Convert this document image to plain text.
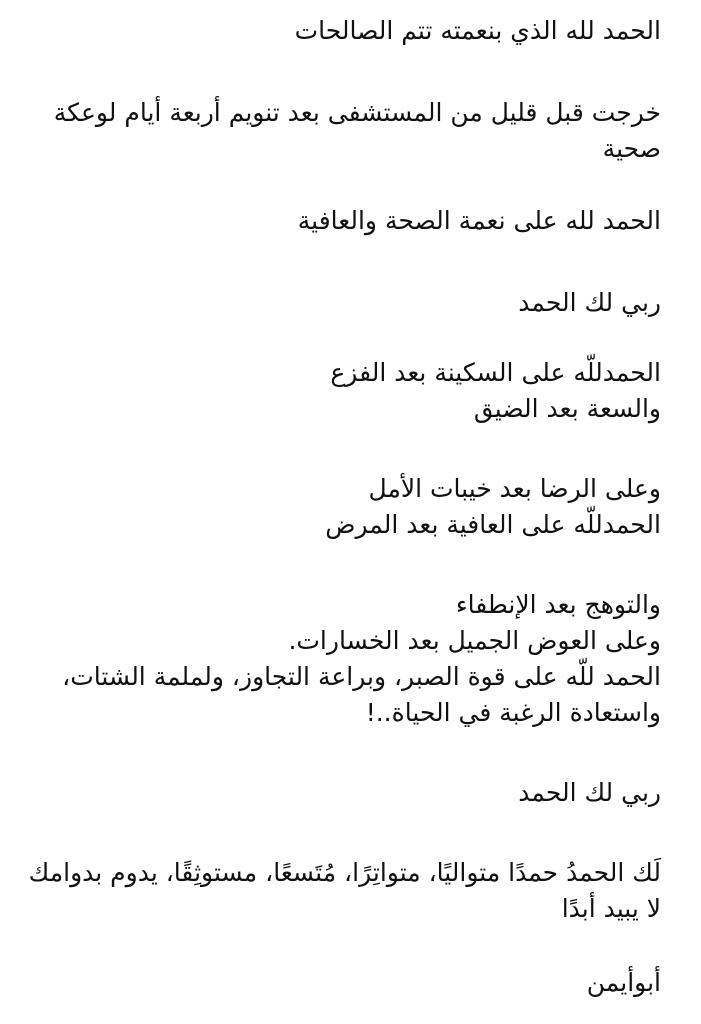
الحمد لله الذي بنعمته تتم الصالحات

خرجت قبل قليل من المستشفى بعد تنويم أربعة أيام لوعكة

صحية

الحمد لله على نعمة الصحة والعافية

ربي لك الحمد

الحمدللّه على السكينة بعد الفزع

والسعة بعد الضيق

وعلى الرضا بعد خيبات الأمل

الحمدللّه على العافية بعد المرض

والتوهج بعد الإنطفاء

وعلى العوض الجميل بعد الخسارات.

الحمد للّه على قوة الصبر، وبراعة التجاوز، ولملمة الشتات،

واستعادة الرغبة في الحياة..!

ربي لك الحمد

لَك الحمدُ حمدًا متواليًا، متواتِرًا، مُتَسعًا، مستوثِقًا، يدوم بدوامك

لا يبيد أبدًا

أبوأيمن
